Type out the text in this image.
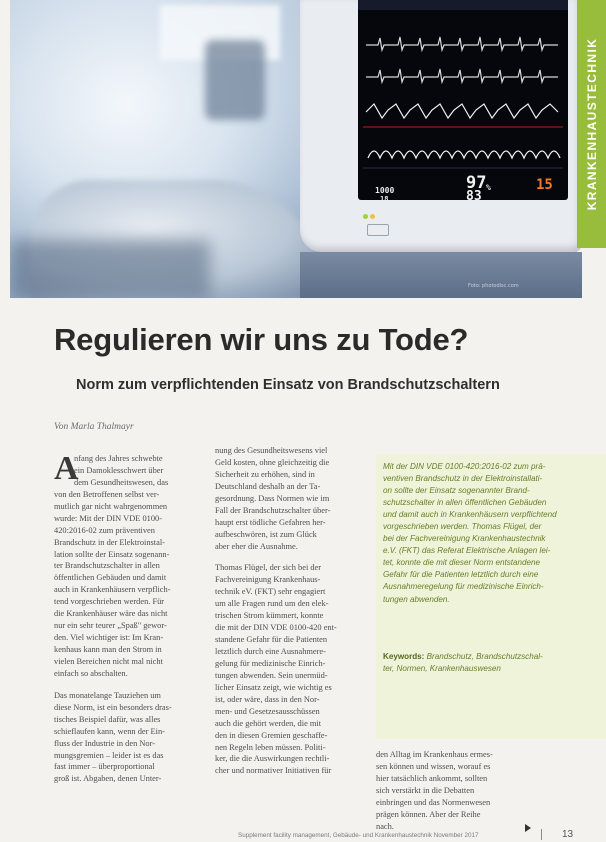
97 %
83
15
1000
18
Foto: photodisc.com
KRANKENHAUSTECHNIK
Regulieren wir uns zu Tode?
Norm zum verpflichtenden Einsatz von Brandschutzschaltern
Von Marla Thalmayr
A
nfang des Jahres schwebte
ein Damoklesschwert über
dem Gesundheitswesen, das
von den Betroffenen selbst ver-
mutlich gar nicht wahrgenommen
wurde: Mit der DIN VDE 0100-
420:2016-02 zum präventiven
Brandschutz in der Elektroinstal-
lation sollte der Einsatz sogenann-
ter Brandschutzschalter in allen
öffentlichen Gebäuden und damit
auch in Krankenhäusern verpflich-
tend vorgeschrieben werden. Für
die Krankenhäuser wäre das nicht
nur ein sehr teurer „Spaß" gewor-
den. Viel wichtiger ist: Im Kran-
kenhaus kann man den Strom in
vielen Bereichen nicht mal nicht
einfach so abschalten.
Das monatelange Tauziehen um
diese Norm, ist ein besonders dras-
tisches Beispiel dafür, was alles
schieflaufen kann, wenn der Ein-
fluss der Industrie in den Nor-
mungsgremien – leider ist es das
fast immer – überproportional
groß ist. Abgaben, denen Unter-
nung des Gesundheitswesens viel
Geld kosten, ohne gleichzeitig die
Sicherheit zu erhöhen, sind in
Deutschland deshalb an der Ta-
gesordnung. Dass Normen wie im
Fall der Brandschutzschalter über-
haupt erst tödliche Gefahren her-
aufbeschwören, ist zum Glück
aber eher die Ausnahme.
Thomas Flügel, der sich bei der
Fachvereinigung Krankenhaus-
technik eV. (FKT) sehr engagiert
um alle Fragen rund um den elek-
trischen Strom kümmert, konnte
die mit der DIN VDE 0100-420 ent-
standene Gefahr für die Patienten
letztlich durch eine Ausnahmere-
gelung für medizinische Einrich-
tungen abwenden. Sein unermüd-
licher Einsatz zeigt, wie wichtig es
ist, oder wäre, dass in den Nor-
men- und Gesetzesausschüssen
auch die gehört werden, die mit
den in diesen Gremien geschaffe-
nen Regeln leben müssen. Politi-
ker, die die Auswirkungen rechtli-
cher und normativer Initiativen für
Mit der DIN VDE 0100-420:2016-02 zum prä-
ventiven Brandschutz in der Elektroinstallati-
on sollte der Einsatz sogenannter Brand-
schutzschalter in allen öffentlichen Gebäuden
und damit auch in Krankenhäusern verpflichtend
vorgeschrieben werden. Thomas Flügel, der
bei der Fachvereinigung Krankenhaustechnik
e.V. (FKT) das Referat Elektrische Anlagen lei-
tet, konnte die mit dieser Norm entstandene
Gefahr für die Patienten letztlich durch eine
Ausnahmeregelung für medizinische Einrich-
tungen abwenden.
Keywords: Brandschutz, Brandschutzschal-
ter, Normen, Krankenhauswesen
den Alltag im Krankenhaus ermes-
sen können und wissen, worauf es
hier tatsächlich ankommt, sollten
sich verstärkt in die Debatten
einbringen und das Normenwesen
prägen können. Aber der Reihe
nach.
Supplement facility management, Gebäude- und Krankenhaustechnik November 2017	13
